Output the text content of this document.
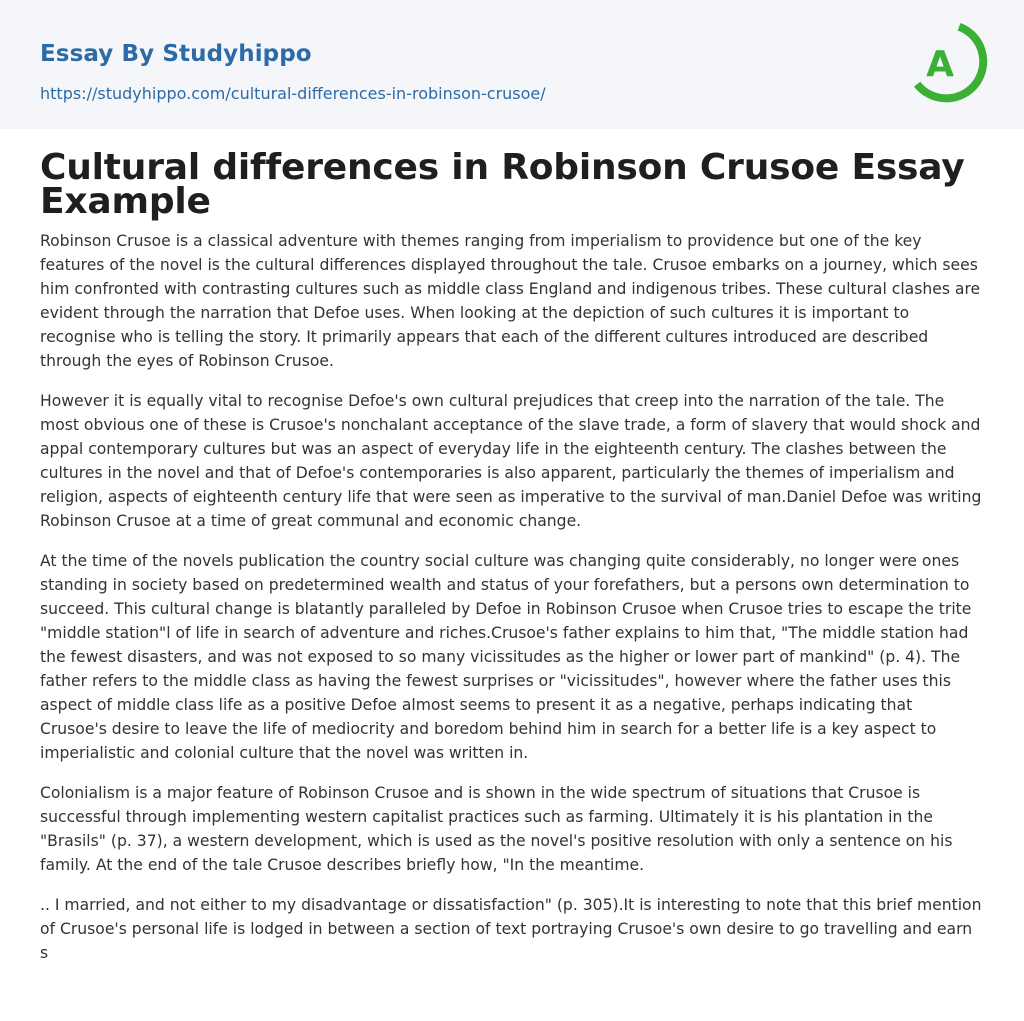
Essay By Studyhippo
https://studyhippo.com/cultural-differences-in-robinson-crusoe/
A
Cultural differences in Robinson Crusoe Essay Example

Robinson Crusoe is a classical adventure with themes ranging from imperialism to providence but one of the key features of the novel is the cultural differences displayed throughout the tale. Crusoe embarks on a journey, which sees him confronted with contrasting cultures such as middle class England and indigenous tribes. These cultural clashes are evident through the narration that Defoe uses. When looking at the depiction of such cultures it is important to recognise who is telling the story. It primarily appears that each of the different cultures introduced are described through the eyes of Robinson Crusoe.

However it is equally vital to recognise Defoe's own cultural prejudices that creep into the narration of the tale. The most obvious one of these is Crusoe's nonchalant acceptance of the slave trade, a form of slavery that would shock and appal contemporary cultures but was an aspect of everyday life in the eighteenth century. The clashes between the cultures in the novel and that of Defoe's contemporaries is also apparent, particularly the themes of imperialism and religion, aspects of eighteenth century life that were seen as imperative to the survival of man.Daniel Defoe was writing Robinson Crusoe at a time of great communal and economic change.

At the time of the novels publication the country social culture was changing quite considerably, no longer were ones standing in society based on predetermined wealth and status of your forefathers, but a persons own determination to succeed. This cultural change is blatantly paralleled by Defoe in Robinson Crusoe when Crusoe tries to escape the trite "middle station"l of life in search of adventure and riches.Crusoe's father explains to him that, "The middle station had the fewest disasters, and was not exposed to so many vicissitudes as the higher or lower part of mankind" (p. 4). The father refers to the middle class as having the fewest surprises or "vicissitudes", however where the father uses this aspect of middle class life as a positive Defoe almost seems to present it as a negative, perhaps indicating that Crusoe's desire to leave the life of mediocrity and boredom behind him in search for a better life is a key aspect to imperialistic and colonial culture that the novel was written in.

Colonialism is a major feature of Robinson Crusoe and is shown in the wide spectrum of situations that Crusoe is successful through implementing western capitalist practices such as farming. Ultimately it is his plantation in the "Brasils" (p. 37), a western development, which is used as the novel's positive resolution with only a sentence on his family. At the end of the tale Crusoe describes briefly how, "In the meantime.

.. I married, and not either to my disadvantage or dissatisfaction" (p. 305).It is interesting to note that this brief mention of Crusoe's personal life is lodged in between a section of text portraying Crusoe's own desire to go travelling and earn s
